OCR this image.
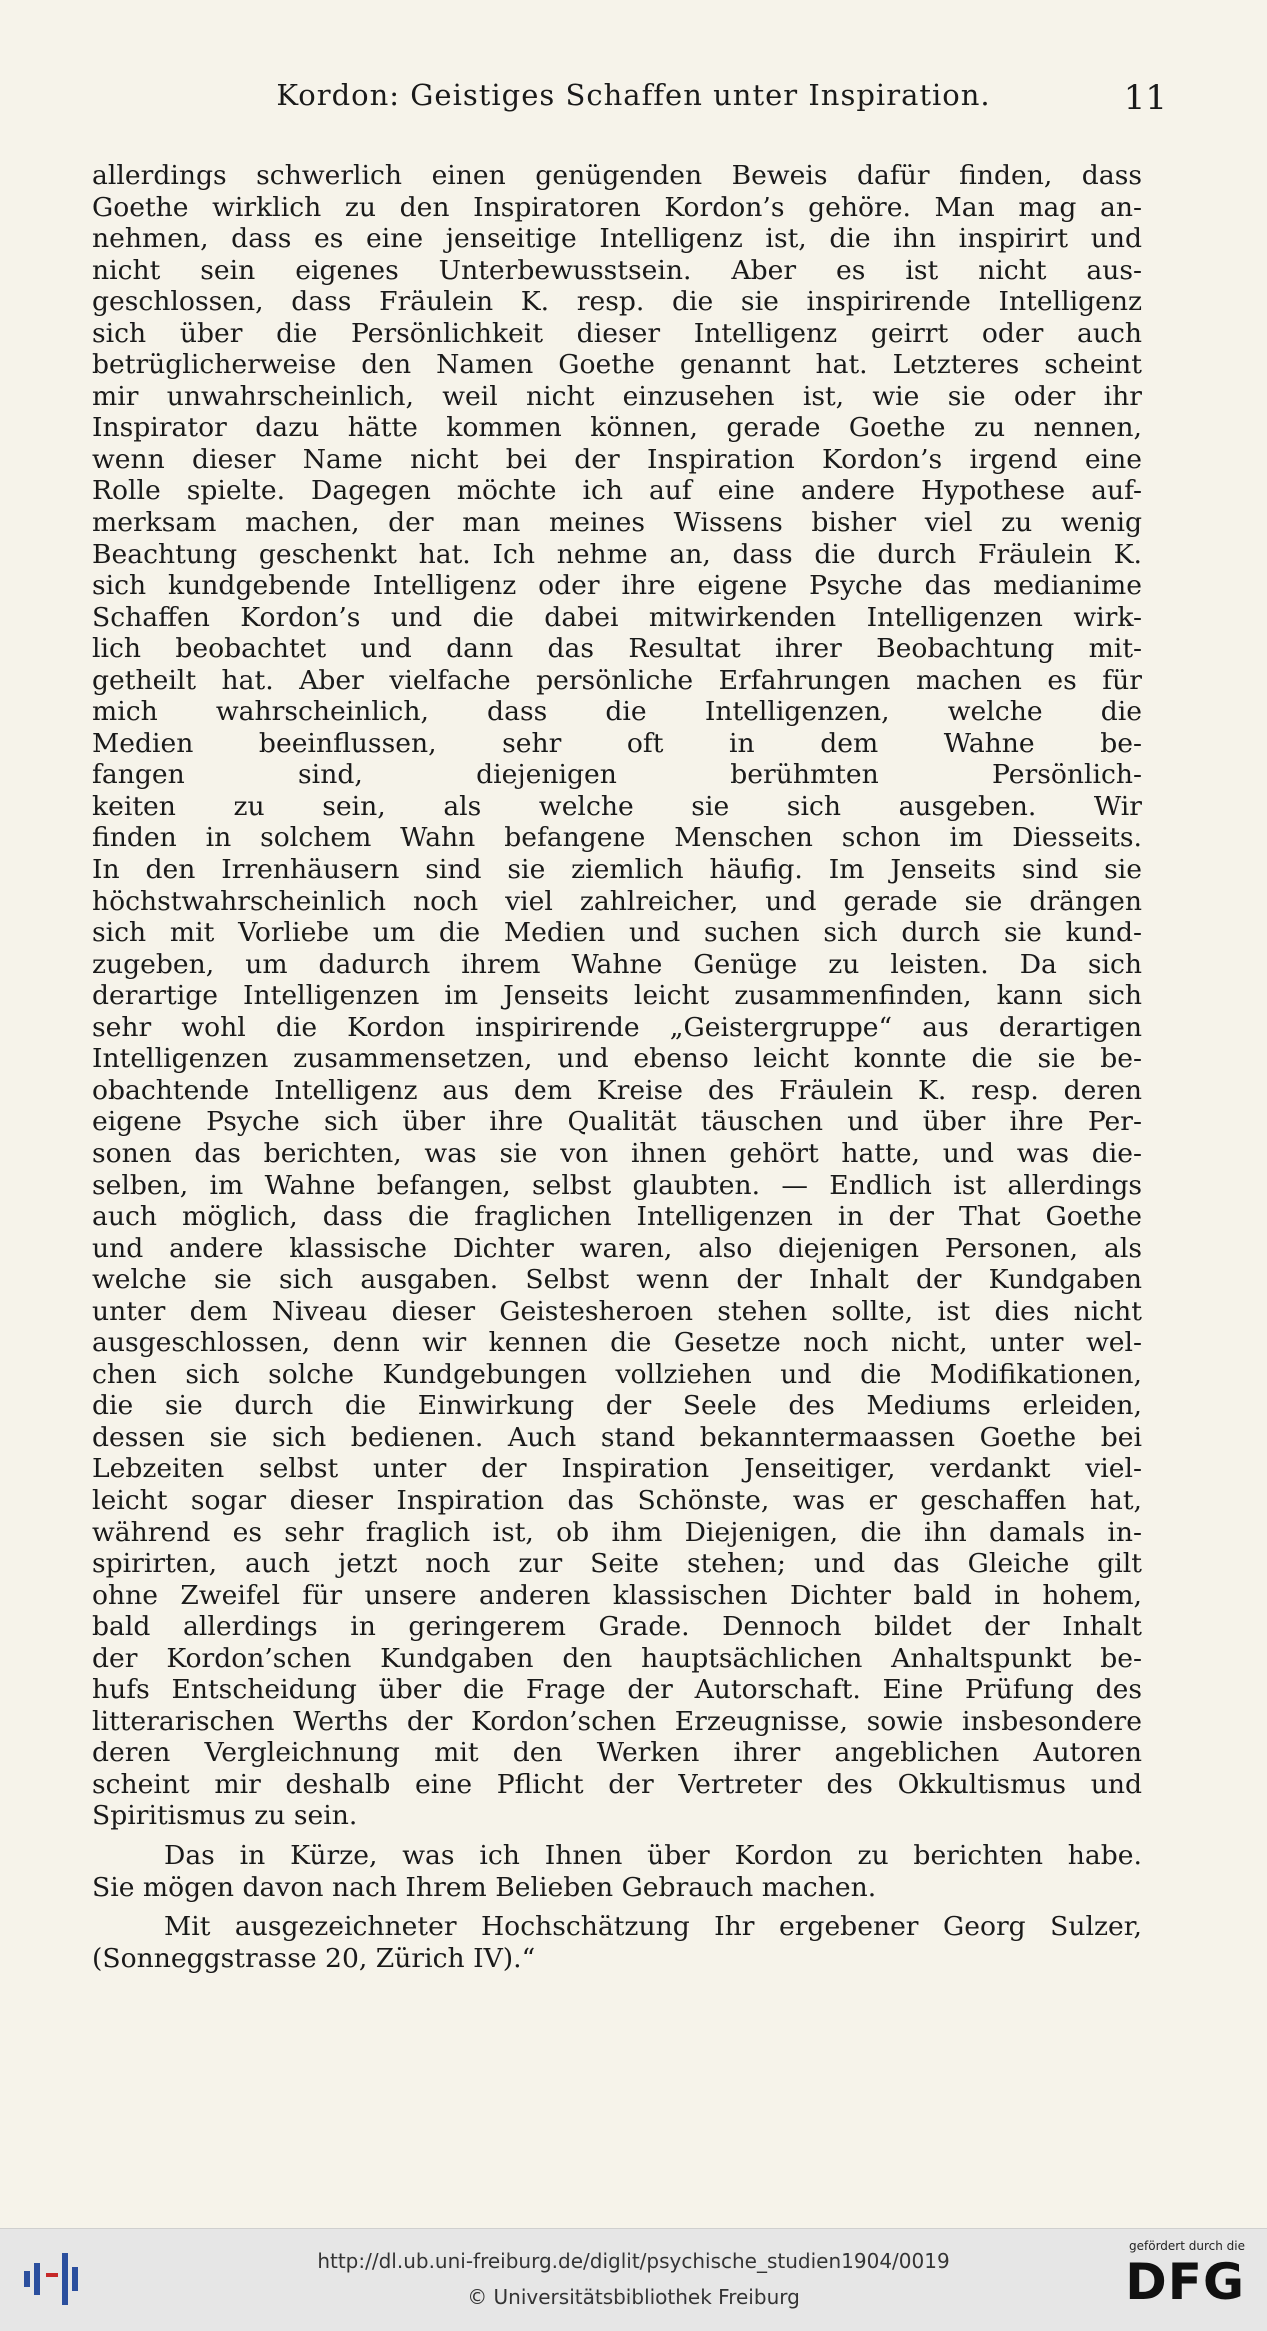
Kordon: Geistiges Schaffen unter Inspiration.	11
allerdings schwerlich einen genügenden Beweis dafür finden, dass
Goethe wirklich zu den Inspiratoren Kordon’s gehöre. Man mag an-
nehmen, dass es eine jenseitige Intelligenz ist, die ihn inspirirt und
nicht sein eigenes Unterbewusstsein. Aber es ist nicht aus-
geschlossen, dass Fräulein K. resp. die sie inspirirende Intelligenz
sich über die Persönlichkeit dieser Intelligenz geirrt oder auch
betrüglicherweise den Namen Goethe genannt hat. Letzteres scheint
mir unwahrscheinlich, weil nicht einzusehen ist, wie sie oder ihr
Inspirator dazu hätte kommen können, gerade Goethe zu nennen,
wenn dieser Name nicht bei der Inspiration Kordon’s irgend eine
Rolle spielte. Dagegen möchte ich auf eine andere Hypothese auf-
merksam machen, der man meines Wissens bisher viel zu wenig
Beachtung geschenkt hat. Ich nehme an, dass die durch Fräulein K.
sich kundgebende Intelligenz oder ihre eigene Psyche das medianime
Schaffen Kordon’s und die dabei mitwirkenden Intelligenzen wirk-
lich beobachtet und dann das Resultat ihrer Beobachtung mit-
getheilt hat. Aber vielfache persönliche Erfahrungen machen es für
mich wahrscheinlich, dass die Intelligenzen, welche die
Medien beeinflussen, sehr oft in dem Wahne be-
fangen sind, diejenigen berühmten Persönlich-
keiten zu sein, als welche sie sich ausgeben. Wir
finden in solchem Wahn befangene Menschen schon im Diesseits.
In den Irrenhäusern sind sie ziemlich häufig. Im Jenseits sind sie
höchstwahrscheinlich noch viel zahlreicher, und gerade sie drängen
sich mit Vorliebe um die Medien und suchen sich durch sie kund-
zugeben, um dadurch ihrem Wahne Genüge zu leisten. Da sich
derartige Intelligenzen im Jenseits leicht zusammenfinden, kann sich
sehr wohl die Kordon inspirirende „Geistergruppe“ aus derartigen
Intelligenzen zusammensetzen, und ebenso leicht konnte die sie be-
obachtende Intelligenz aus dem Kreise des Fräulein K. resp. deren
eigene Psyche sich über ihre Qualität täuschen und über ihre Per-
sonen das berichten, was sie von ihnen gehört hatte, und was die-
selben, im Wahne befangen, selbst glaubten. — Endlich ist allerdings
auch möglich, dass die fraglichen Intelligenzen in der That Goethe
und andere klassische Dichter waren, also diejenigen Personen, als
welche sie sich ausgaben. Selbst wenn der Inhalt der Kundgaben
unter dem Niveau dieser Geistesheroen stehen sollte, ist dies nicht
ausgeschlossen, denn wir kennen die Gesetze noch nicht, unter wel-
chen sich solche Kundgebungen vollziehen und die Modifikationen,
die sie durch die Einwirkung der Seele des Mediums erleiden,
dessen sie sich bedienen. Auch stand bekanntermaassen Goethe bei
Lebzeiten selbst unter der Inspiration Jenseitiger, verdankt viel-
leicht sogar dieser Inspiration das Schönste, was er geschaffen hat,
während es sehr fraglich ist, ob ihm Diejenigen, die ihn damals in-
spirirten, auch jetzt noch zur Seite stehen; und das Gleiche gilt
ohne Zweifel für unsere anderen klassischen Dichter bald in hohem,
bald allerdings in geringerem Grade. Dennoch bildet der Inhalt
der Kordon’schen Kundgaben den hauptsächlichen Anhaltspunkt be-
hufs Entscheidung über die Frage der Autorschaft. Eine Prüfung des
litterarischen Werths der Kordon’schen Erzeugnisse, sowie insbesondere
deren Vergleichnung mit den Werken ihrer angeblichen Autoren
scheint mir deshalb eine Pflicht der Vertreter des Okkultismus und
Spiritismus zu sein.
Das in Kürze, was ich Ihnen über Kordon zu berichten habe.
Sie mögen davon nach Ihrem Belieben Gebrauch machen.
Mit ausgezeichneter Hochschätzung Ihr ergebener Georg Sulzer,
(Sonneggstrasse 20, Zürich IV).“
http://dl.ub.uni-freiburg.de/diglit/psychische_studien1904/0019
© Universitätsbibliothek Freiburg
gefördert durch die
DFG
